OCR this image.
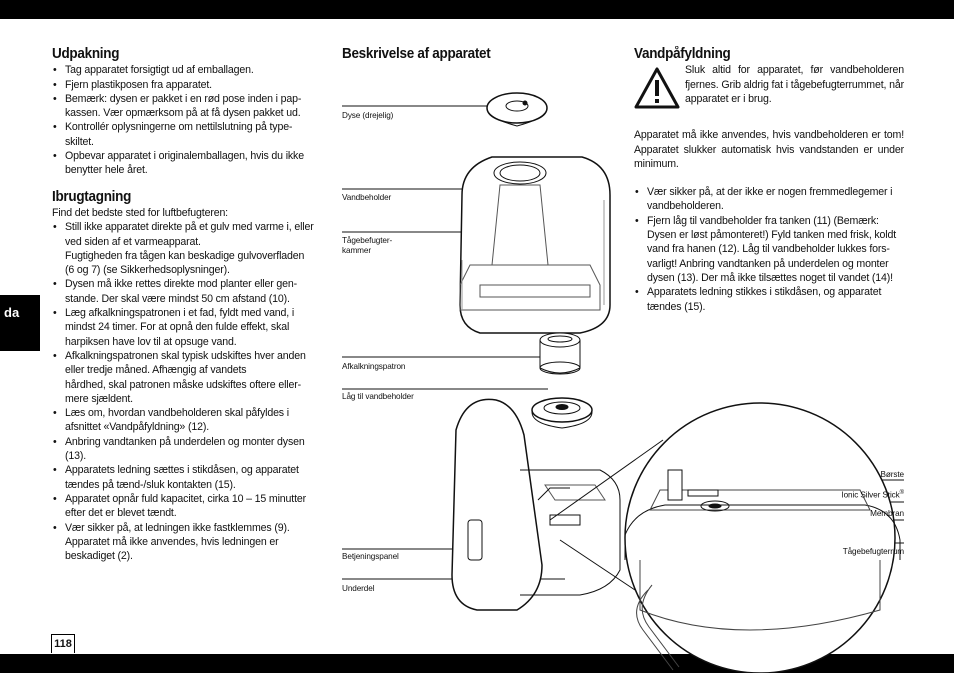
da
118
Udpakning
• Tag apparatet forsigtigt ud af emballagen.
• Fjern plastikposen fra apparatet.
• Bemærk: dysen er pakket i en rød pose inden i pap-kassen. Vær opmærksom på at få dysen pakket ud.
• Kontrollér oplysningerne om nettilslutning på type-skiltet.
• Opbevar apparatet i originalemballagen, hvis du ikke benytter hele året.
Ibrugtagning

Find det bedste sted for luftbefugteren:

• Still ikke apparatet direkte på et gulv med varme i, eller ved siden af et varmeapparat.

Fugtigheden fra tågen kan beskadige gulvoverfladen (6 og 7) (se Sikkerhedsoplysninger).

• Dysen må ikke rettes direkte mod planter eller gen-stande. Der skal være mindst 50 cm afstand (10).
• Læg afkalkningspatronen i et fad, fyldt med vand, i mindst 24 timer. For at opnå den fulde effekt, skal harpiksen have lov til at opsuge vand.
• Afkalkningspatronen skal typisk udskiftes hver anden eller tredje måned. Afhængig af vandets

hårdhed, skal patronen måske udskiftes oftere eller-mere sjældent.

• Læs om, hvordan vandbeholderen skal påfyldes i afsnittet «Vandpåfyldning» (12).
• Anbring vandtanken på underdelen og monter dysen (13).
• Apparatets ledning sættes i stikdåsen, og apparatet tændes på tænd-/sluk kontakten (15).
• Apparatet opnår fuld kapacitet, cirka 10 – 15 minutter efter det er blevet tændt.
• Vær sikker på, at ledningen ikke fastklemmes (9). Apparatet må ikke anvendes, hvis ledningen er beskadiget (2).
Beskrivelse af apparatet
Dyse (drejelig)
Vandbeholder
Tågebefugter-kammer
Afkalkningspatron
Låg til vandbeholder
Betjeningspanel
Underdel
Børste
Ionic Silver Stick®
Membran
Tågebefugterrum
Vandpåfyldning

Sluk altid for apparatet, før vandbeholderen fjernes. Grib aldrig fat i tågebefugterrummet, når apparatet er i brug.

Apparatet må ikke anvendes, hvis vandbeholderen er tom! Apparatet slukker automatisk hvis vandstanden er under minimum.

• Vær sikker på, at der ikke er nogen fremmedlegemer i vandbeholderen.
• Fjern låg til vandbeholder fra tanken (11) (Bemærk: Dysen er løst påmonteret!) Fyld tanken med frisk, koldt vand fra hanen (12). Låg til vandbeholder lukkes fors-varligt! Anbring vandtanken på underdelen og monter dysen (13). Der må ikke tilsættes noget til vandet (14)!
• Apparatets ledning stikkes i stikdåsen, og apparatet tændes (15).
